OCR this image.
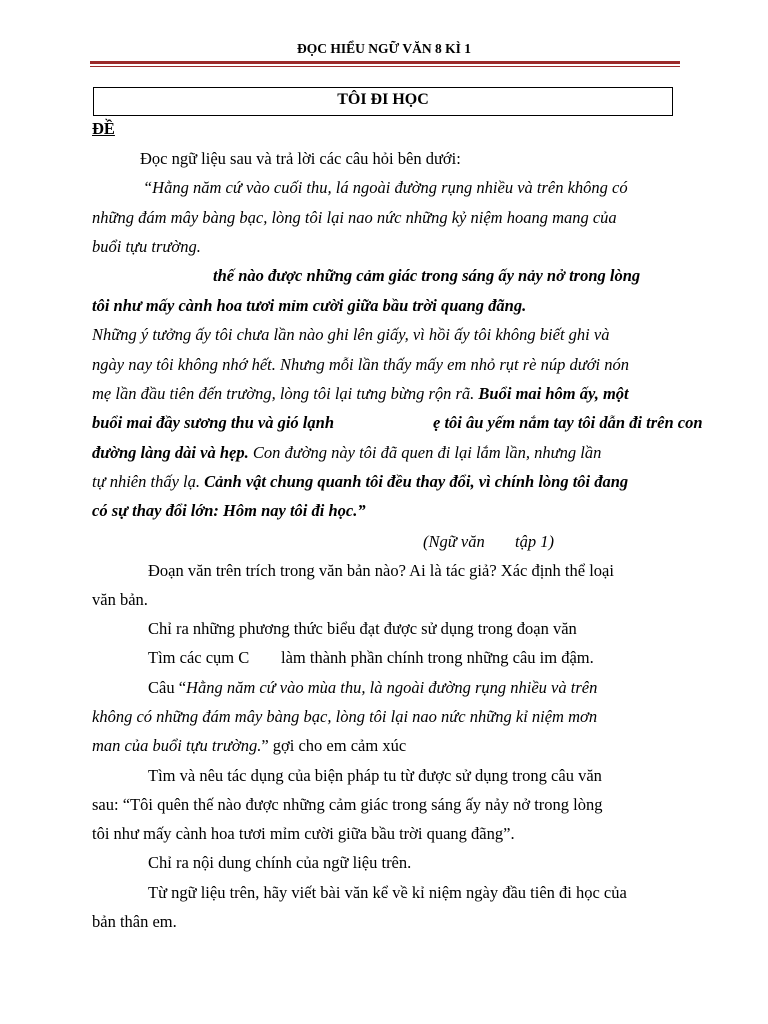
ĐỌC HIỂU NGỮ VĂN 8 KÌ 1
TÔI ĐI HỌC
ĐỀ
Đọc ngữ liệu sau và trả lời các câu hỏi bên dưới:
“Hằng năm cứ vào cuối thu, lá ngoài đường rụng nhiều và trên không có
những đám mây bàng bạc, lòng tôi lại nao nức những kỷ niệm hoang mang của
buổi tựu trường.
thế nào được những cảm giác trong sáng ấy nảy nở trong lòng
tôi như mấy cành hoa tươi mỉm cười giữa bầu trời quang đãng.
Những ý tưởng ấy tôi chưa lần nào ghi lên giấy, vì hồi ấy tôi không biết ghi và
ngày nay tôi không nhớ hết. Nhưng mỗi lần thấy mấy em nhỏ rụt rè núp dưới nón
mẹ lần đầu tiên đến trường, lòng tôi lại tưng bừng rộn rã. Buổi mai hôm ấy, một
buổi mai đầy sương thu và gió lạnh	ẹ tôi âu yếm nắm tay tôi dẫn đi trên con
đường làng dài và hẹp. Con đường này tôi đã quen đi lại lắm lần, nhưng lần
tự nhiên thấy lạ. Cảnh vật chung quanh tôi đều thay đổi, vì chính lòng tôi đang
có sự thay đổi lớn: Hôm nay tôi đi học.”
(Ngữ văn tập 1)
Đoạn văn trên trích trong văn bản nào? Ai là tác giả? Xác định thể loại
văn bản.
Chỉ ra những phương thức biểu đạt được sử dụng trong đoạn văn
Tìm các cụm C làm thành phần chính trong những câu im đậm.
Câu “Hằng năm cứ vào mùa thu, là ngoài đường rụng nhiều và trên
không có những đám mây bàng bạc, lòng tôi lại nao nức những kỉ niệm mơn
man của buổi tựu trường.” gợi cho em cảm xúc
Tìm và nêu tác dụng của biện pháp tu từ được sử dụng trong câu văn
sau: “Tôi quên thế nào được những cảm giác trong sáng ấy nảy nở trong lòng
tôi như mấy cành hoa tươi mỉm cười giữa bầu trời quang đãng”.
Chỉ ra nội dung chính của ngữ liệu trên.
Từ ngữ liệu trên, hãy viết bài văn kể về kỉ niệm ngày đầu tiên đi học của
bản thân em.
